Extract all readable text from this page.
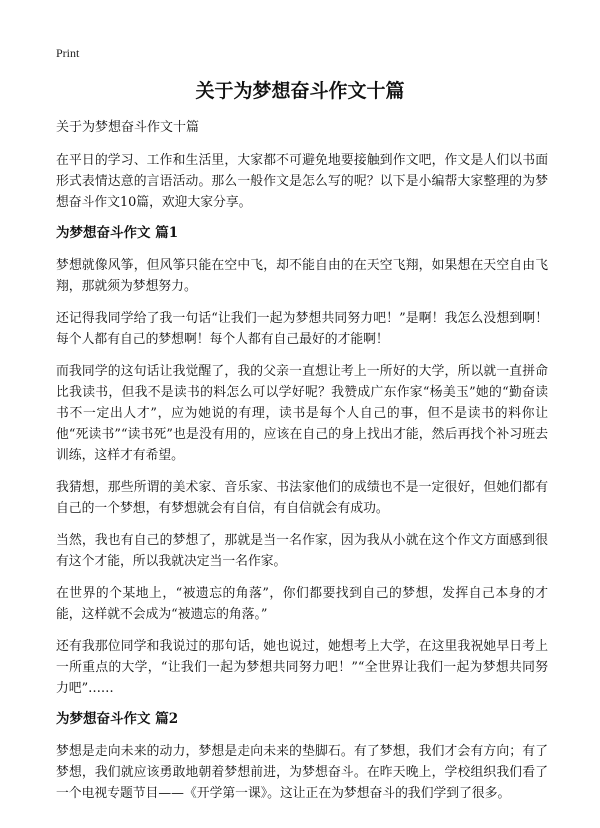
Print
关于为梦想奋斗作文十篇
关于为梦想奋斗作文十篇

在平日的学习、工作和生活里，大家都不可避免地要接触到作文吧，作文是人们以书面形式表情达意的言语活动。那么一般作文是怎么写的呢？以下是小编帮大家整理的为梦想奋斗作文10篇，欢迎大家分享。

为梦想奋斗作文 篇1

梦想就像风筝，但风筝只能在空中飞，却不能自由的在天空飞翔，如果想在天空自由飞翔，那就须为梦想努力。

还记得我同学给了我一句话“让我们一起为梦想共同努力吧！”是啊！我怎么没想到啊！每个人都有自己的梦想啊！每个人都有自己最好的才能啊！

而我同学的这句话让我觉醒了，我的父亲一直想让考上一所好的大学，所以就一直拼命比我读书，但我不是读书的料怎么可以学好呢？我赞成广东作家“杨美玉”她的“勤奋读书不一定出人才”，应为她说的有理，读书是每个人自己的事，但不是读书的料你让他“死读书”“读书死”也是没有用的，应该在自己的身上找出才能，然后再找个补习班去训练，这样才有希望。

我猜想，那些所谓的美术家、音乐家、书法家他们的成绩也不是一定很好，但她们都有自己的一个梦想，有梦想就会有自信，有自信就会有成功。

当然，我也有自己的梦想了，那就是当一名作家，因为我从小就在这个作文方面感到很有这个才能，所以我就决定当一名作家。

在世界的个某地上，“被遗忘的角落”，你们都要找到自己的梦想，发挥自己本身的才能，这样就不会成为“被遗忘的角落。”

还有我那位同学和我说过的那句话，她也说过，她想考上大学，在这里我祝她早日考上一所重点的大学，“让我们一起为梦想共同努力吧！”“全世界让我们一起为梦想共同努力吧”……

为梦想奋斗作文 篇2

梦想是走向未来的动力，梦想是走向未来的垫脚石。有了梦想，我们才会有方向；有了梦想，我们就应该勇敢地朝着梦想前进，为梦想奋斗。在昨天晚上，学校组织我们看了一个电视专题节目——《开学第一课》。这让正在为梦想奋斗的我们学到了很多。
